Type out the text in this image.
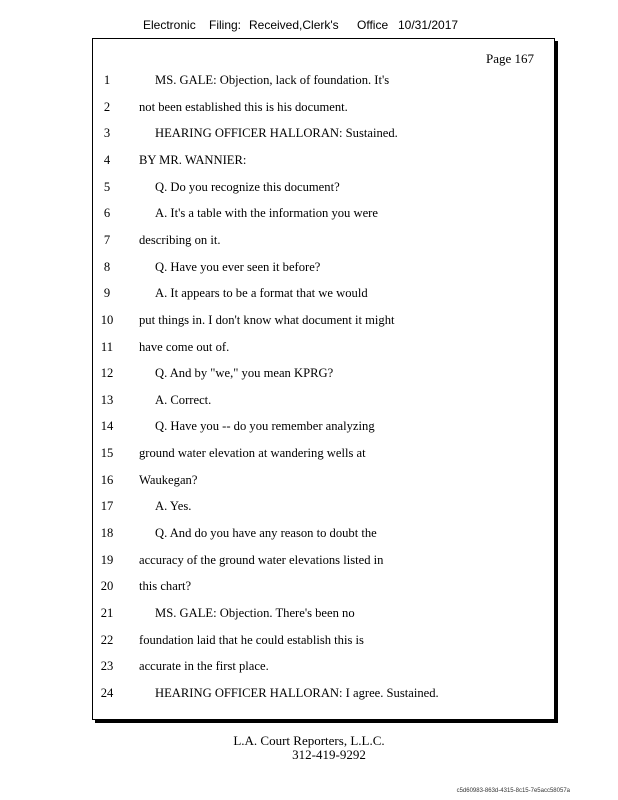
Electronic Filing: Received,Clerk's Office 10/31/2017
Page 167
1	MS. GALE: Objection, lack of foundation. It's
2	not been established this is his document.
3	HEARING OFFICER HALLORAN: Sustained.
4	BY MR. WANNIER:
5	Q. Do you recognize this document?
6	A. It's a table with the information you were
7	describing on it.
8	Q. Have you ever seen it before?
9	A. It appears to be a format that we would
10 put things in. I don't know what document it might
11	have come out of.
12	Q. And by "we," you mean KPRG?
13	A. Correct.
14	Q. Have you -- do you remember analyzing
15 ground water elevation at wandering wells at
16 Waukegan?
17	A. Yes.
18	Q. And do you have any reason to doubt the
19 accuracy of the ground water elevations listed in
20 this chart?
21	MS. GALE: Objection. There's been no
22 foundation laid that he could establish this is
23 accurate in the first place.
24	HEARING OFFICER HALLORAN: I agree. Sustained.
L.A. Court Reporters, L.L.C.
312-419-9292
c5d60983-863d-4315-8c15-7e5acc58057a
